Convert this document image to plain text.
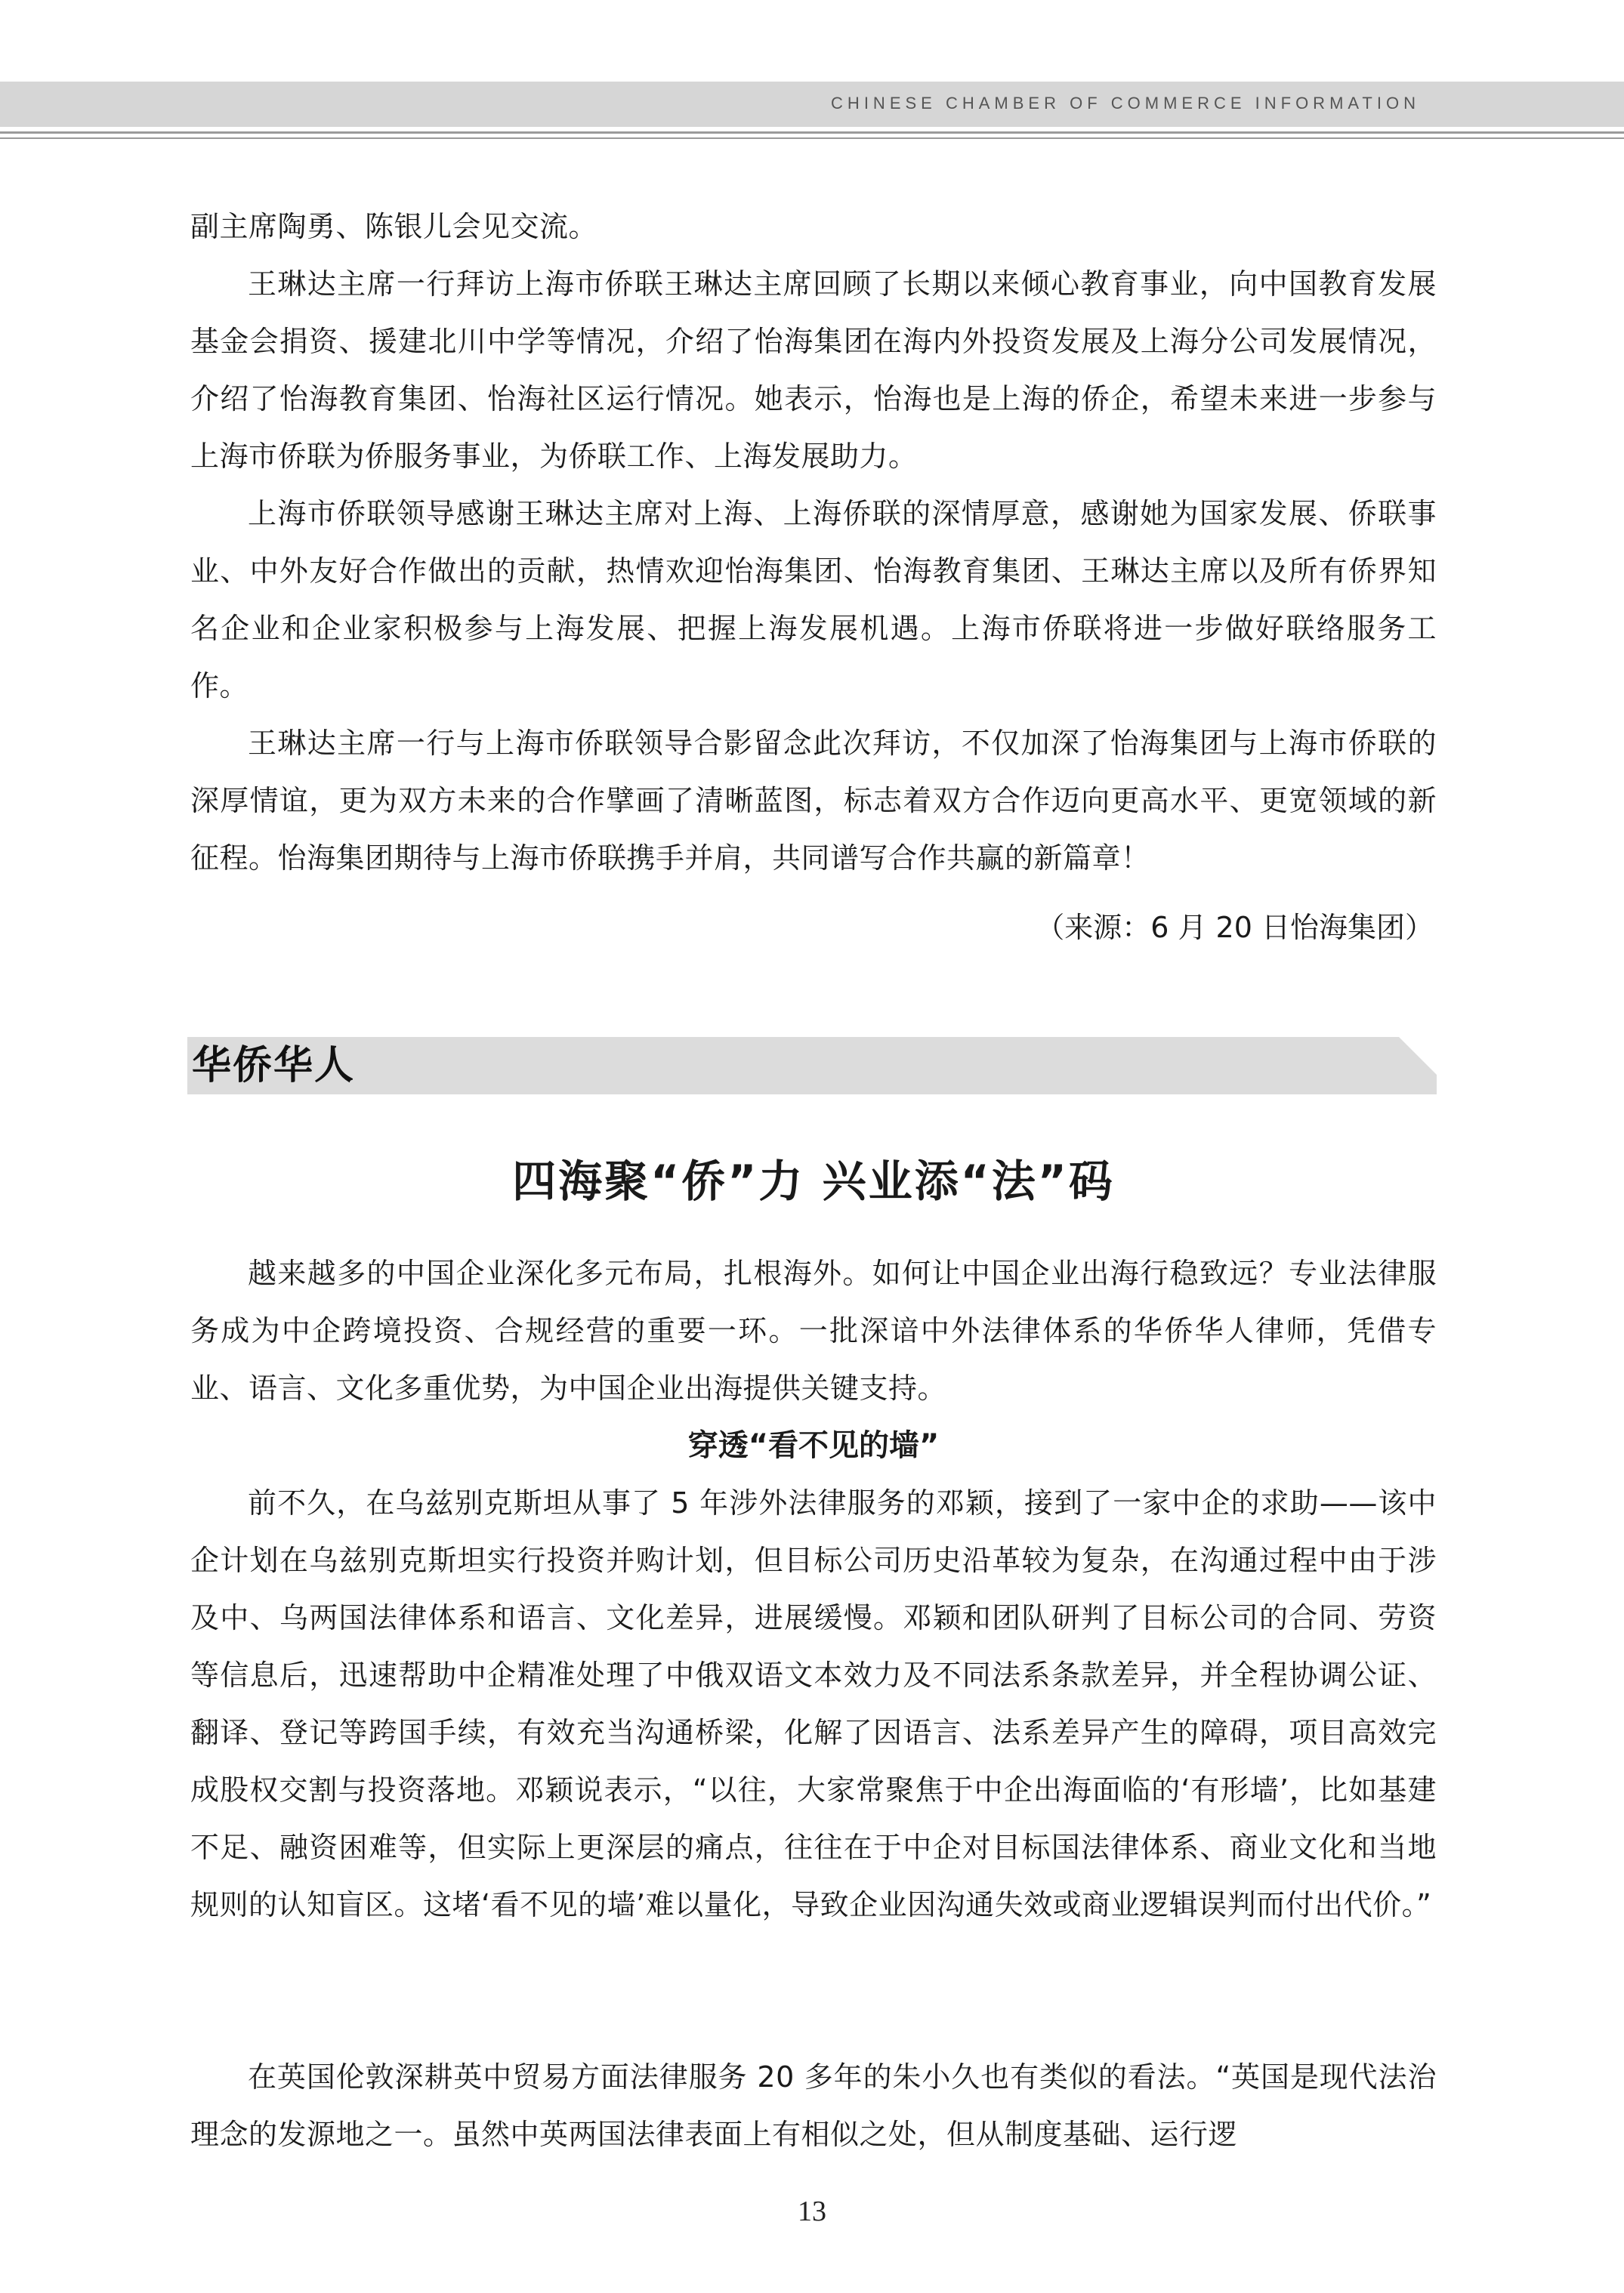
CHINESE CHAMBER OF COMMERCE INFORMATION

副主席陶勇、陈银儿会见交流。

王琳达主席一行拜访上海市侨联王琳达主席回顾了长期以来倾心教育事业，向中国教育发展基金会捐资、援建北川中学等情况，介绍了怡海集团在海内外投资发展及上海分公司发展情况，介绍了怡海教育集团、怡海社区运行情况。她表示，怡海也是上海的侨企，希望未来进一步参与上海市侨联为侨服务事业，为侨联工作、上海发展助力。

上海市侨联领导感谢王琳达主席对上海、上海侨联的深情厚意，感谢她为国家发展、侨联事业、中外友好合作做出的贡献，热情欢迎怡海集团、怡海教育集团、王琳达主席以及所有侨界知名企业和企业家积极参与上海发展、把握上海发展机遇。上海市侨联将进一步做好联络服务工作。

王琳达主席一行与上海市侨联领导合影留念此次拜访，不仅加深了怡海集团与上海市侨联的深厚情谊，更为双方未来的合作擘画了清晰蓝图，标志着双方合作迈向更高水平、更宽领域的新征程。怡海集团期待与上海市侨联携手并肩，共同谱写合作共赢的新篇章！

（来源：6 月 20 日怡海集团）
华侨华人
四海聚“侨”力 兴业添“法”码

越来越多的中国企业深化多元布局，扎根海外。如何让中国企业出海行稳致远？专业法律服务成为中企跨境投资、合规经营的重要一环。一批深谙中外法律体系的华侨华人律师，凭借专业、语言、文化多重优势，为中国企业出海提供关键支持。

穿透“看不见的墙”

前不久，在乌兹别克斯坦从事了 5 年涉外法律服务的邓颖，接到了一家中企的求助——该中企计划在乌兹别克斯坦实行投资并购计划，但目标公司历史沿革较为复杂，在沟通过程中由于涉及中、乌两国法律体系和语言、文化差异，进展缓慢。邓颖和团队研判了目标公司的合同、劳资等信息后，迅速帮助中企精准处理了中俄双语文本效力及不同法系条款差异，并全程协调公证、翻译、登记等跨国手续，有效充当沟通桥梁，化解了因语言、法系差异产生的障碍，项目高效完成股权交割与投资落地。邓颖说表示，“以往，大家常聚焦于中企出海面临的‘有形墙’，比如基建不足、融资困难等，但实际上更深层的痛点，往往在于中企对目标国法律体系、商业文化和当地规则的认知盲区。这堵‘看不见的墙’难以量化，导致企业因沟通失效或商业逻辑误判而付出代价。”

在英国伦敦深耕英中贸易方面法律服务 20 多年的朱小久也有类似的看法。“英国是现代法治理念的发源地之一。虽然中英两国法律表面上有相似之处，但从制度基础、运行逻

13
